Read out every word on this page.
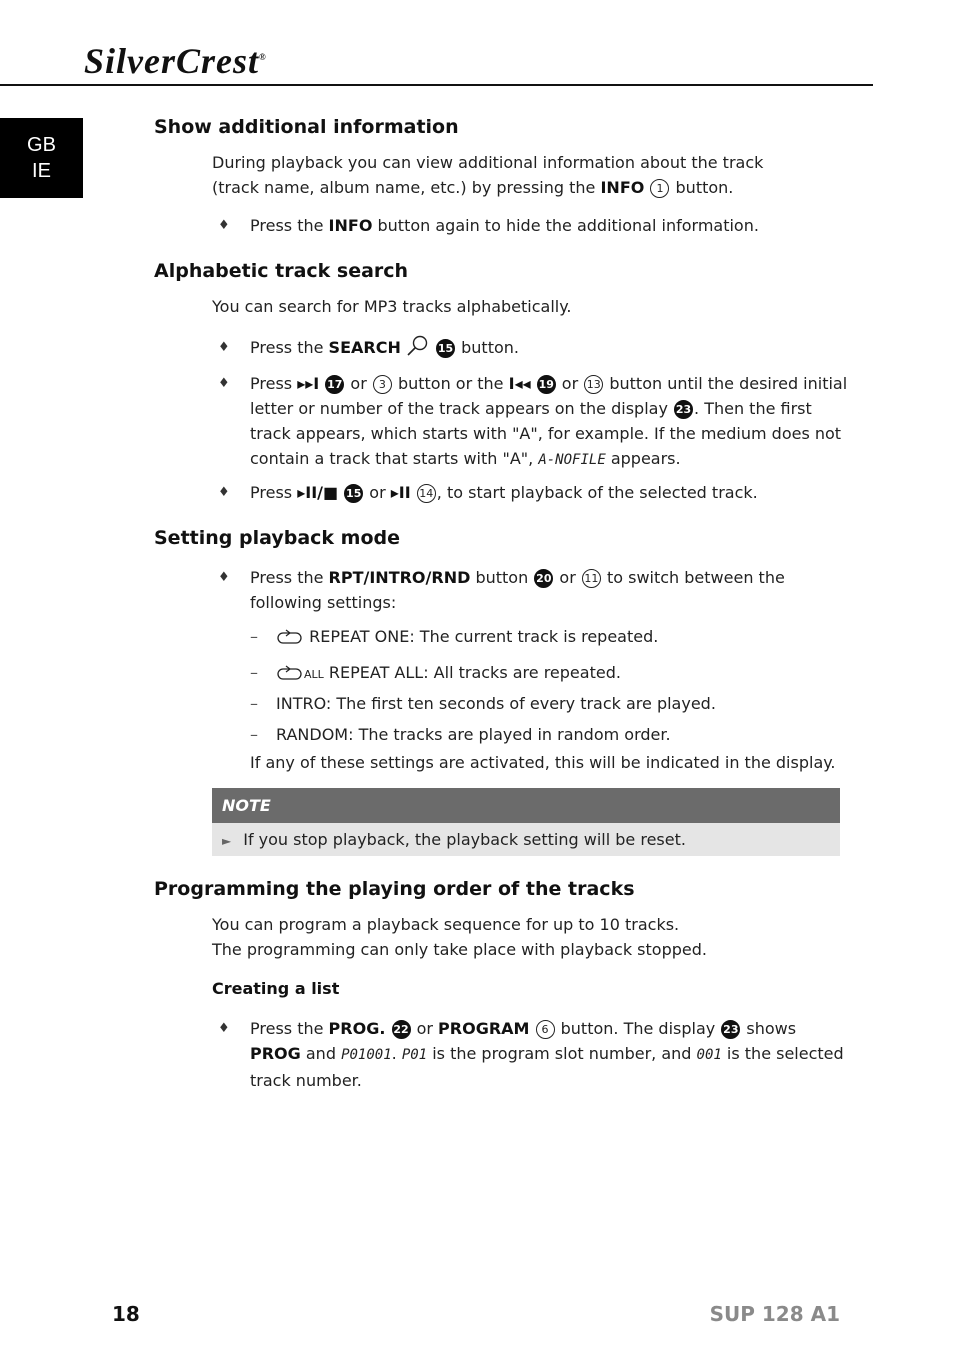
SilverCrest®
GB
IE
Show additional information
During playback you can view additional information about the track
(track name, album name, etc.) by pressing the INFO 1 button.
♦ Press the INFO button again to hide the additional information.
Alphabetic track search
You can search for MP3 tracks alphabetically.
♦ Press the SEARCH	15 button.
♦ Press ▸▸I 17 or 3 button or the I◂◂ 19 or 13 button until the desired initial letter or number of the track appears on the display 23 . Then the first track appears, which starts with "A", for example. If the medium does not contain a track that starts with "A", A-NOFILE appears.
♦ Press ▸II/■ 15 or ▸II 14 , to start playback of the selected track.
Setting playback mode
♦ Press the RPT/INTRO/RND button 20 or 11 to switch between the following settings:
–	REPEAT ONE: The current track is repeated.
–	ALL REPEAT ALL: All tracks are repeated.
– INTRO: The first ten seconds of every track are played.
– RANDOM: The tracks are played in random order.
If any of these settings are activated, this will be indicated in the display.
NOTE
► If you stop playback, the playback setting will be reset.
Programming the playing order of the tracks
You can program a playback sequence for up to 10 tracks.
The programming can only take place with playback stopped.
Creating a list
♦ Press the PROG. 22 or PROGRAM 6 button. The display 23 shows PROG and P01001. P01 is the program slot number, and 001 is the selected track number.
18	SUP 128 A1
